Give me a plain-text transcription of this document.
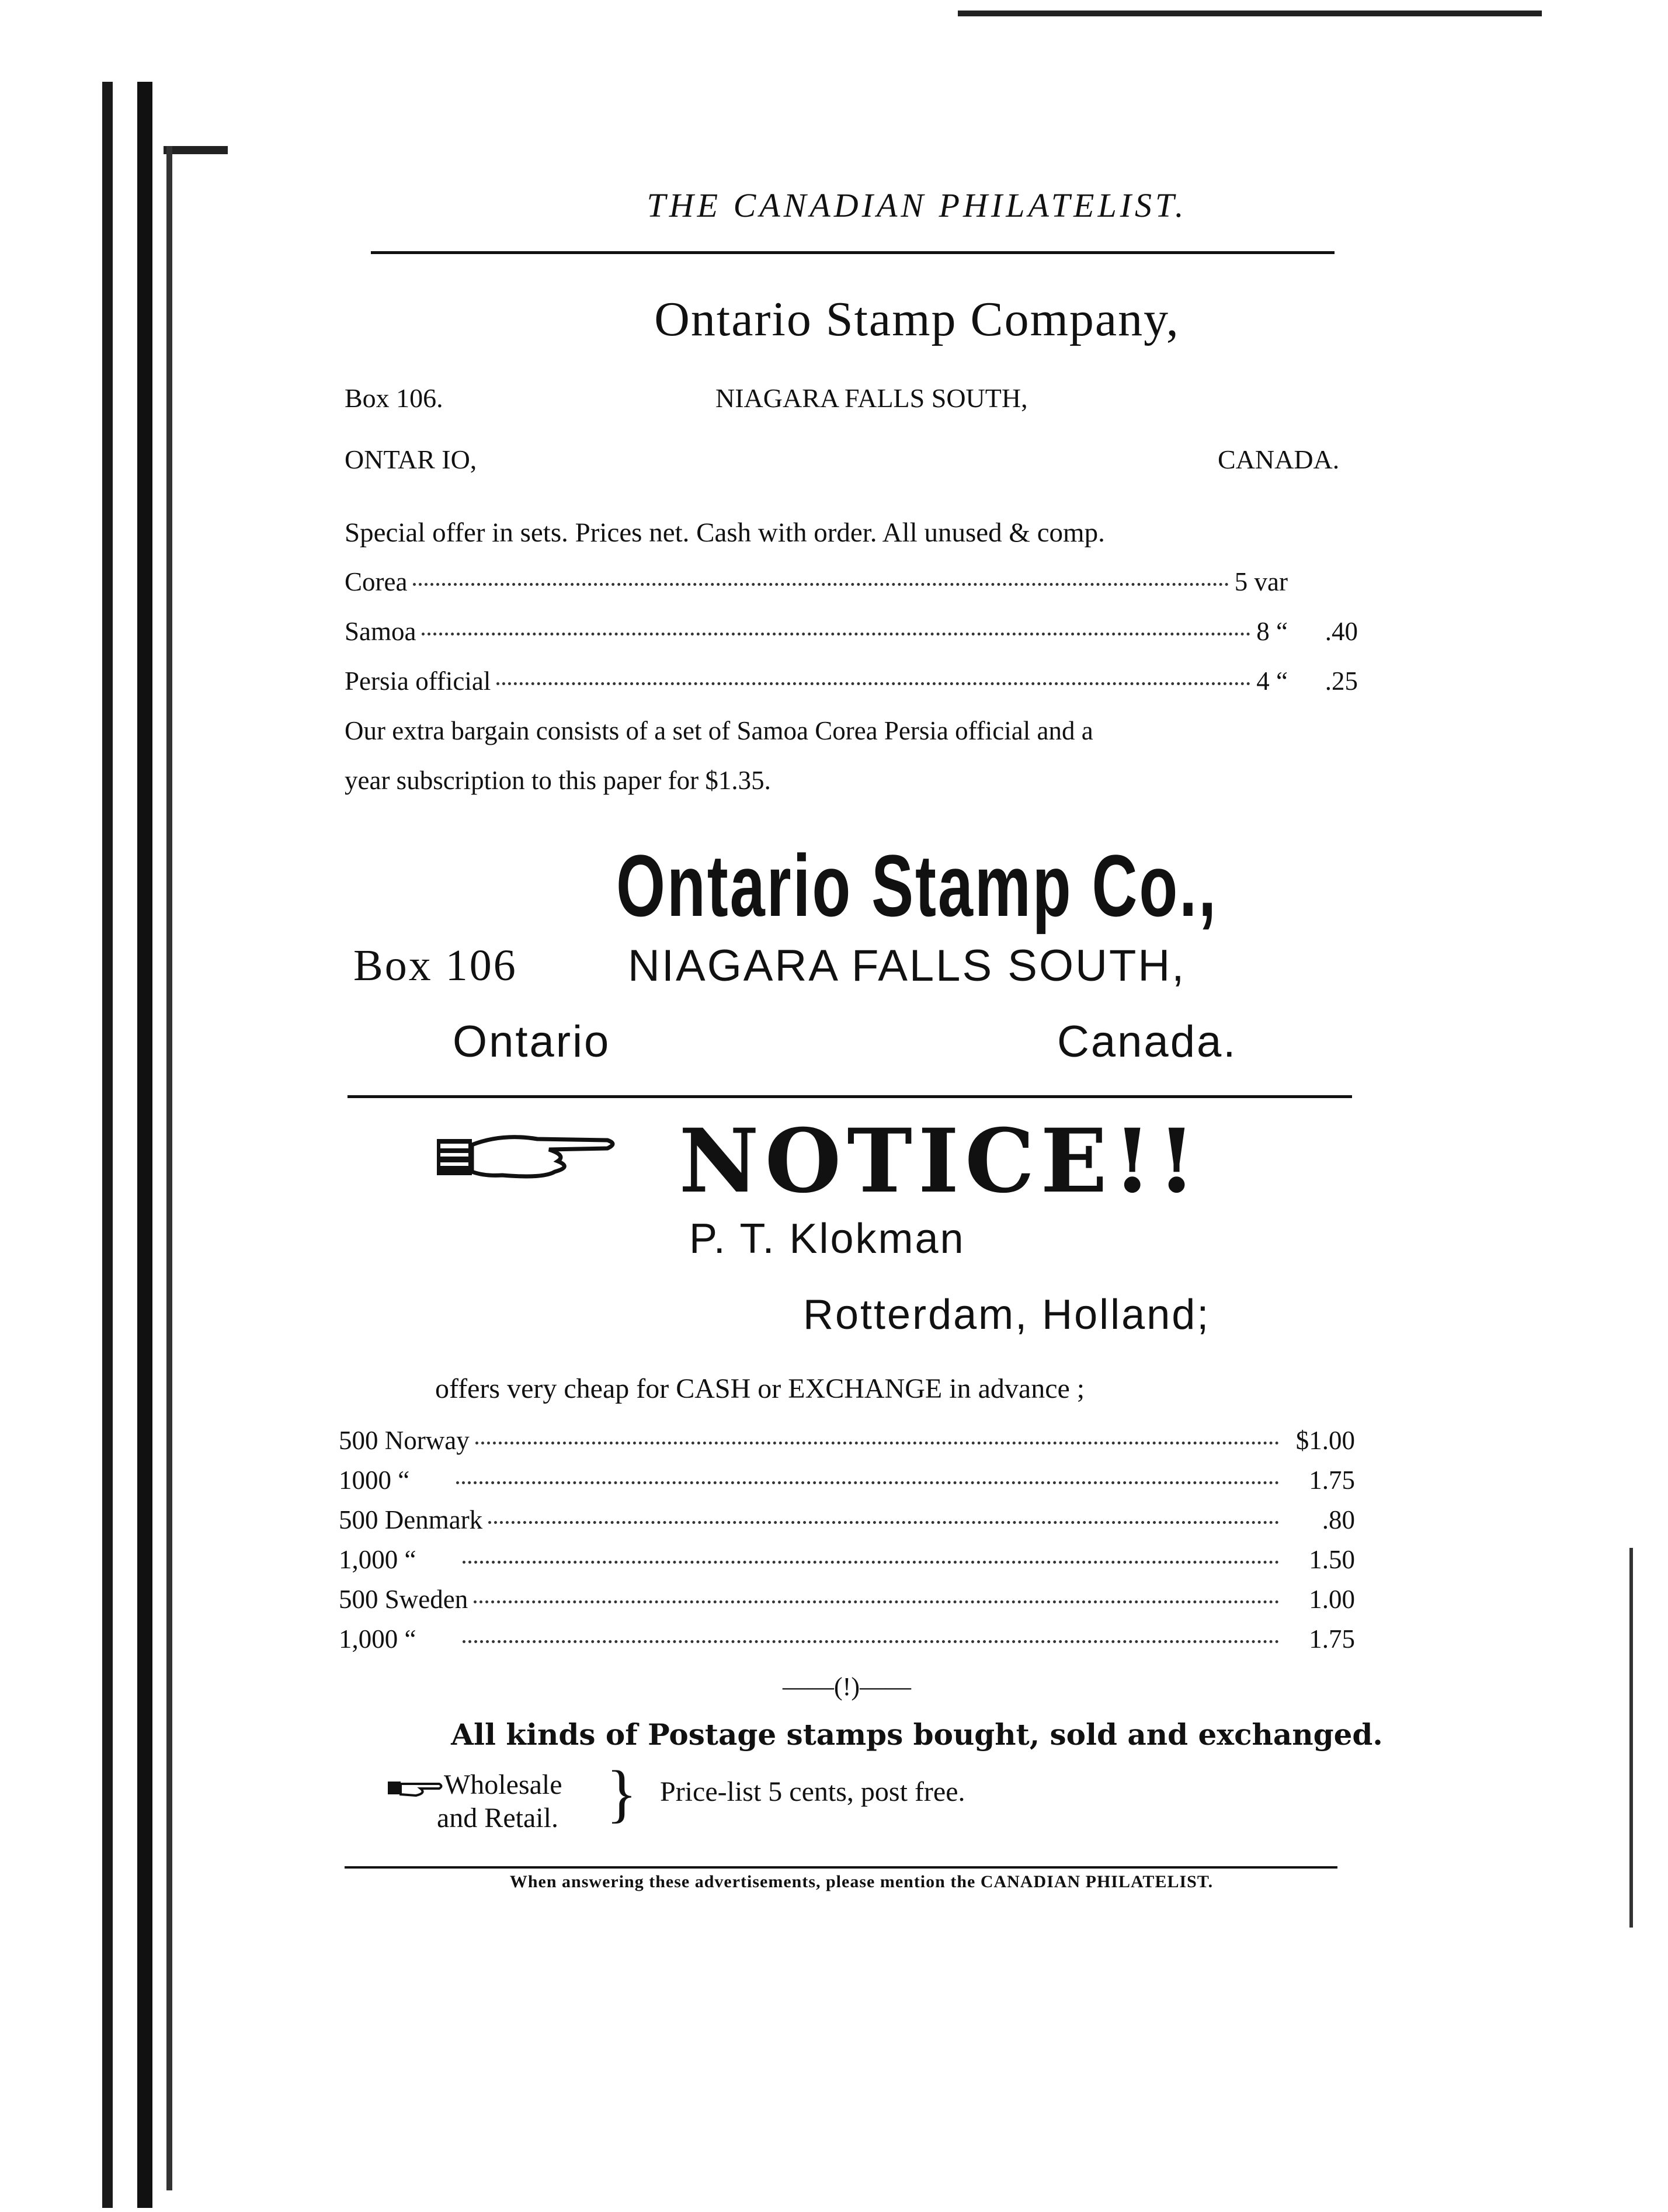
THE CANADIAN PHILATELIST.
Ontario Stamp Company,
Box 106.	NIAGARA FALLS SOUTH,
ONTAR IO,	CANADA.
Special offer in sets. Prices net. Cash with order. All unused & comp.
Corea	5 var
Samoa	8 “	.40
Persia official	4 “	.25
Our extra bargain consists of a set of Samoa Corea Persia official and a
year subscription to this paper for $1.35.
Ontario Stamp Co.,
Box 106 NIAGARA FALLS SOUTH,
Ontario	Canada.
NOTICE!!
P. T. Klokman
Rotterdam, Holland;
offers very cheap for CASH or EXCHANGE in advance ;
500 Norway	$1.00
1000 “	1.75
500 Denmark	.80
1,000 “	1.50
500 Sweden	1.00
1,000 “	1.75
——(!)——
All kinds of Postage stamps bought, sold and exchanged.
Wholesale
and Retail. } Price-list 5 cents, post free.
When answering these advertisements, please mention the CANADIAN PHILATELIST.
